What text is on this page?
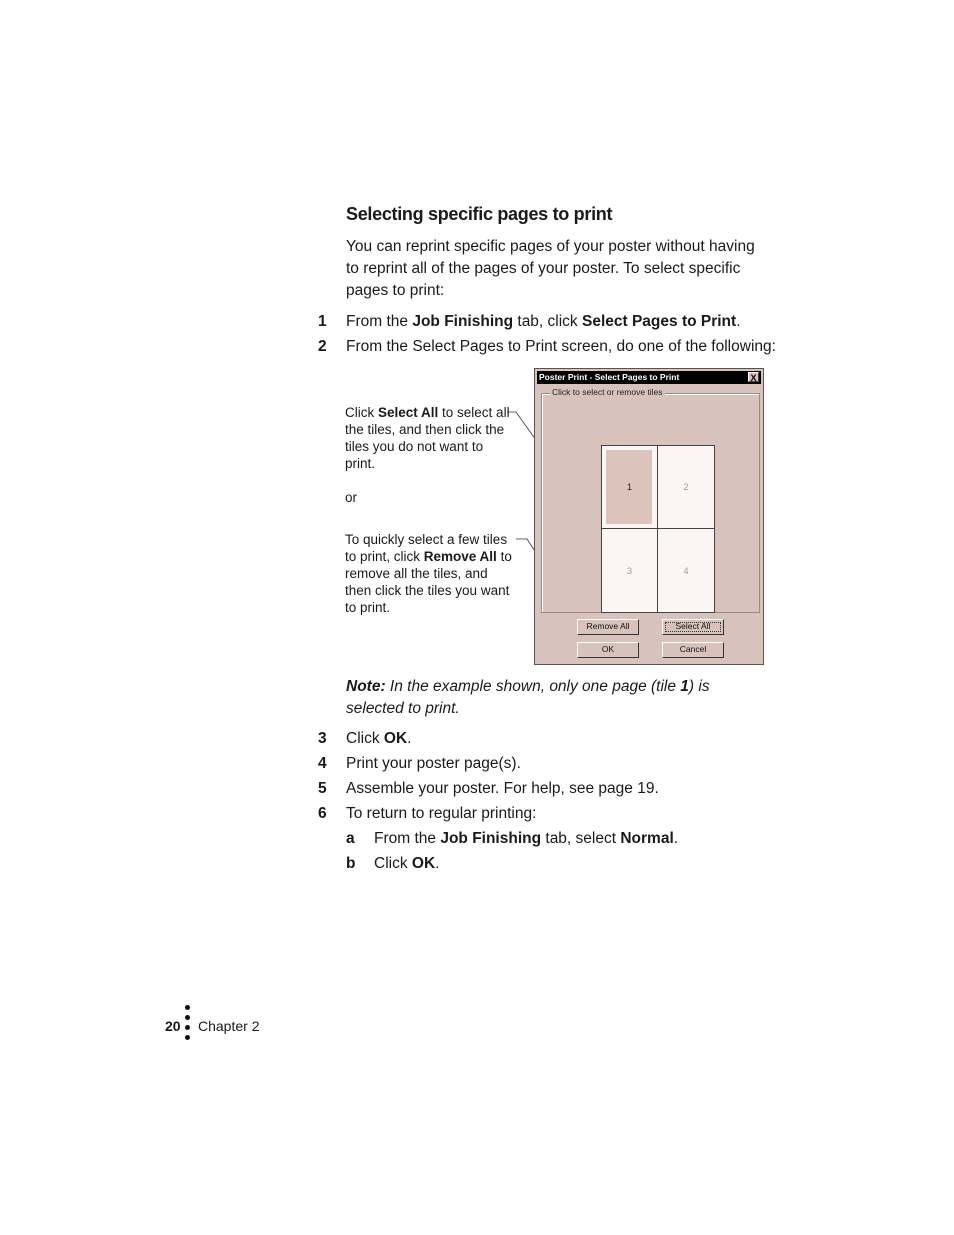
Selecting specific pages to print
You can reprint specific pages of your poster without having to reprint all of the pages of your poster. To select specific pages to print:
1 From the Job Finishing tab, click Select Pages to Print.
2 From the Select Pages to Print screen, do one of the following:
Click Select All to select all the tiles, and then click the tiles you do not want to print.
or
To quickly select a few tiles to print, click Remove All to remove all the tiles, and then click the tiles you want to print.
Poster Print - Select Pages to Print	X
Click to select or remove tiles
1	2
3	4
Remove All	Select All
OK	Cancel
Note: In the example shown, only one page (tile 1) is selected to print.
3 Click OK.
4 Print your poster page(s).
5 Assemble your poster. For help, see page 19.
6 To return to regular printing:
a From the Job Finishing tab, select Normal.
b Click OK.
20 Chapter 2
